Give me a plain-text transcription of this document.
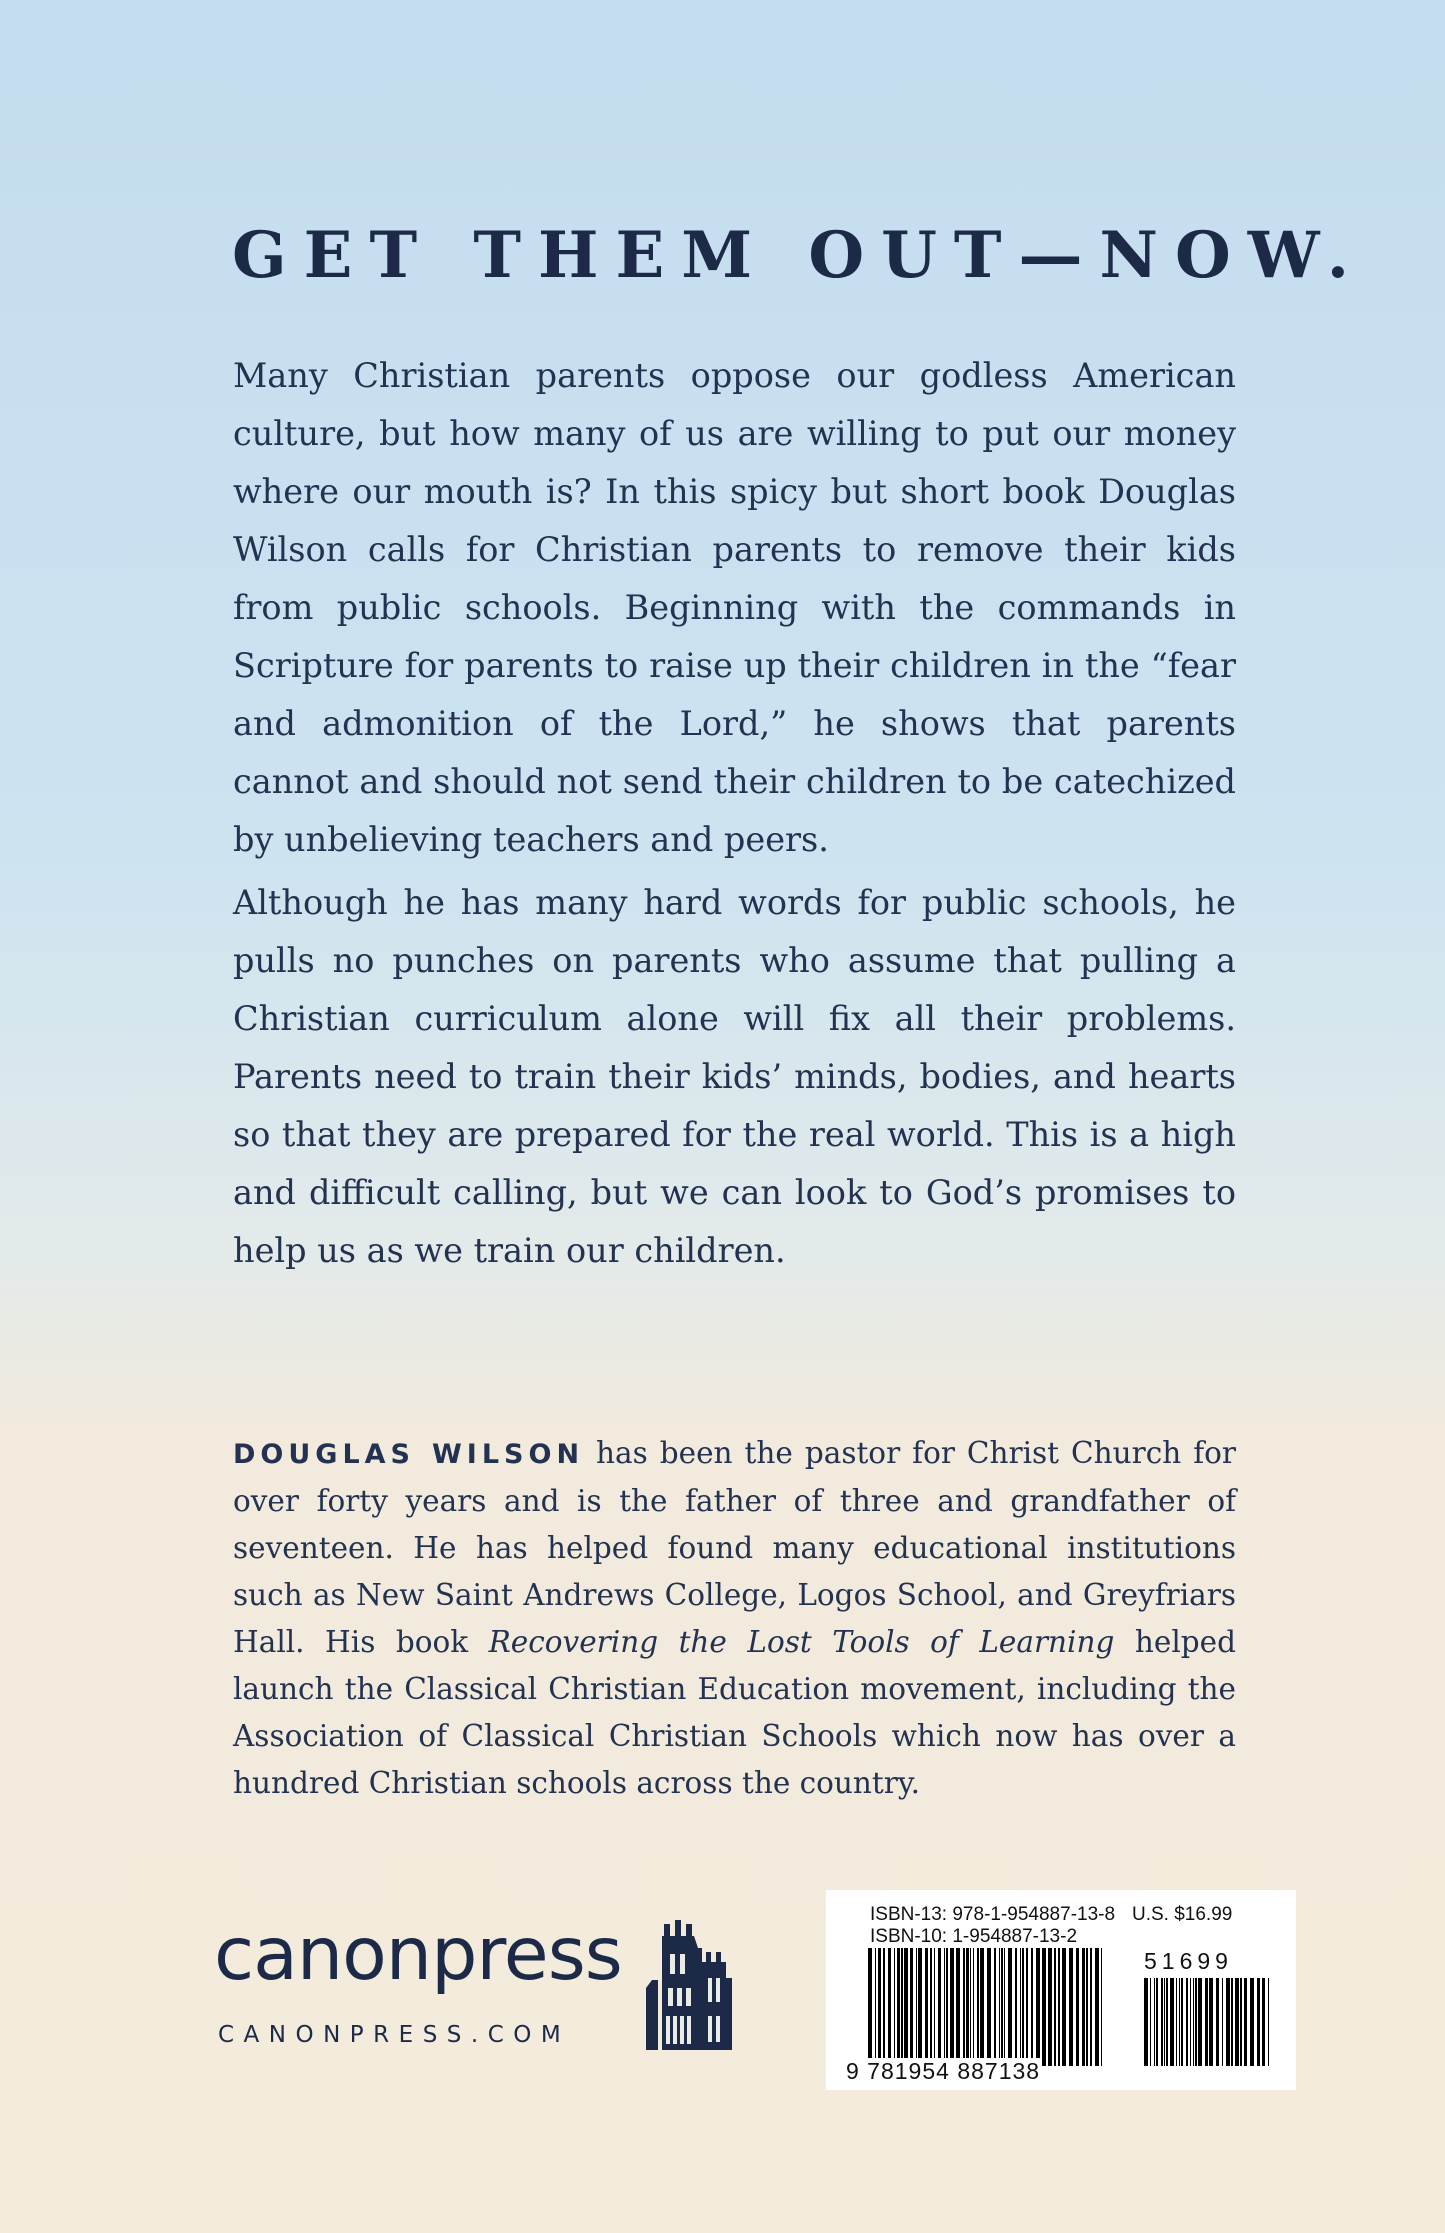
GET THEM OUT—NOW.

Many Christian parents oppose our godless American culture, but how many of us are willing to put our money where our mouth is? In this spicy but short book Douglas Wilson calls for Christian parents to remove their kids from public schools. Beginning with the commands in Scripture for parents to raise up their children in the “fear and admonition of the Lord,” he shows that parents cannot and should not send their children to be catechized by unbelieving teachers and peers.

Although he has many hard words for public schools, he pulls no punches on parents who assume that pulling a Christian curriculum alone will fix all their problems. Parents need to train their kids’ minds, bodies, and hearts so that they are prepared for the real world. This is a high and difficult calling, but we can look to God’s promises to help us as we train our children.

DOUGLAS WILSON has been the pastor for Christ Church for over forty years and is the father of three and grandfather of seventeen. He has helped found many educational institutions such as New Saint Andrews College, Logos School, and Greyfriars Hall. His book Recovering the Lost Tools of Learning helped launch the Classical Christian Education movement, including the Association of Classical Christian Schools which now has over a hundred Christian schools across the country.

canonpress
CANONPRESS.COM
ISBN-13: 978-1-954887-13-8 U.S. $16.99
ISBN-10: 1-954887-13-2
51699
9 781954 887138
